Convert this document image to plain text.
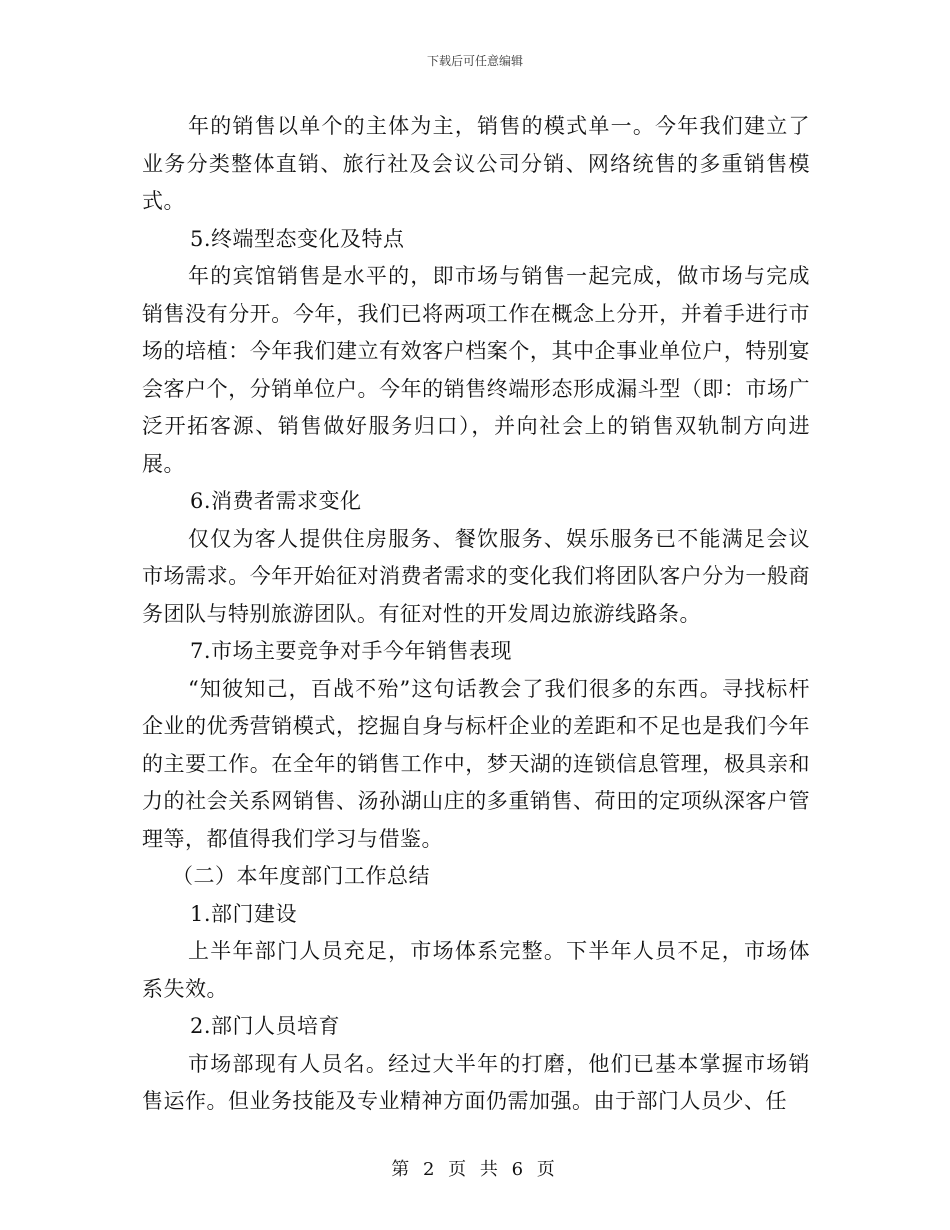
下载后可任意编辑

年的销售以单个的主体为主，销售的模式单一。今年我们建立了业务分类整体直销、旅行社及会议公司分销、网络统售的多重销售模式。

5.终端型态变化及特点

年的宾馆销售是水平的，即市场与销售一起完成，做市场与完成销售没有分开。今年，我们已将两项工作在概念上分开，并着手进行市场的培植：今年我们建立有效客户档案个，其中企事业单位户，特别宴会客户个，分销单位户。今年的销售终端形态形成漏斗型（即：市场广泛开拓客源、销售做好服务归口），并向社会上的销售双轨制方向进展。

6.消费者需求变化

仅仅为客人提供住房服务、餐饮服务、娱乐服务已不能满足会议市场需求。今年开始征对消费者需求的变化我们将团队客户分为一般商务团队与特别旅游团队。有征对性的开发周边旅游线路条。

7.市场主要竞争对手今年销售表现

“知彼知己，百战不殆”这句话教会了我们很多的东西。寻找标杆企业的优秀营销模式，挖掘自身与标杆企业的差距和不足也是我们今年的主要工作。在全年的销售工作中，梦天湖的连锁信息管理，极具亲和力的社会关系网销售、汤孙湖山庄的多重销售、荷田的定项纵深客户管理等，都值得我们学习与借鉴。

（二）本年度部门工作总结

1.部门建设

上半年部门人员充足，市场体系完整。下半年人员不足，市场体系失效。

2.部门人员培育

市场部现有人员名。经过大半年的打磨，他们已基本掌握市场销售运作。但业务技能及专业精神方面仍需加强。由于部门人员少、任

第 2 页 共 6 页
